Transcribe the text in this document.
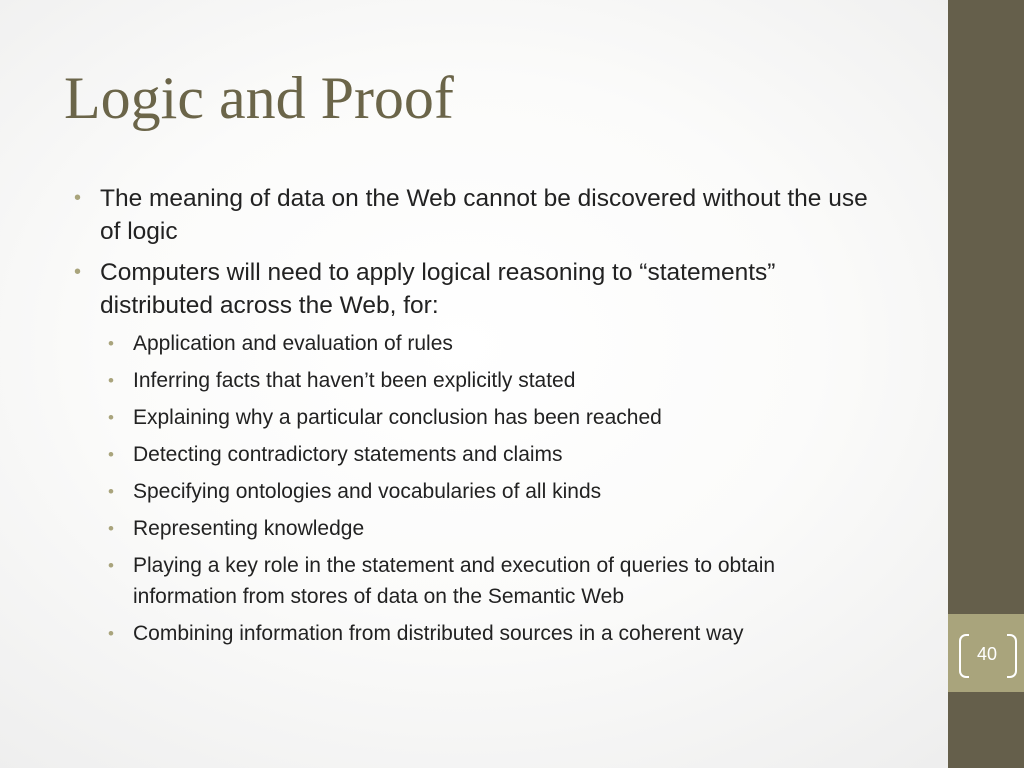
Logic and Proof
• The meaning of data on the Web cannot be discovered without the use of logic
• Computers will need to apply logical reasoning to “statements” distributed across the Web, for:
• Application and evaluation of rules
• Inferring facts that haven’t been explicitly stated
• Explaining why a particular conclusion has been reached
• Detecting contradictory statements and claims
• Specifying ontologies and vocabularies of all kinds
• Representing knowledge
• Playing a key role in the statement and execution of queries to obtain information from stores of data on the Semantic Web
• Combining information from distributed sources in a coherent way
40
